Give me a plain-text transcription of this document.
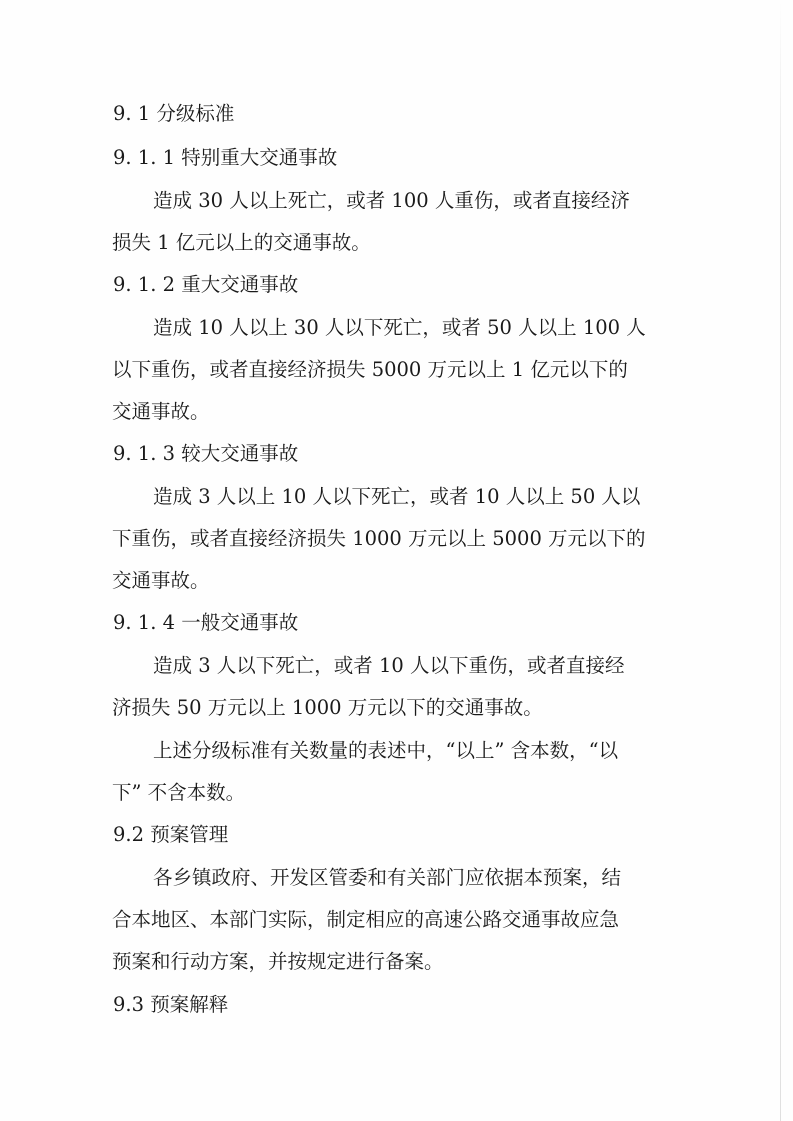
9. 1 分级标准
9. 1. 1 特别重大交通事故
造成 30 人以上死亡，或者 100 人重伤，或者直接经济
损失 1 亿元以上的交通事故。
9. 1. 2 重大交通事故
造成 10 人以上 30 人以下死亡，或者 50 人以上 100 人
以下重伤，或者直接经济损失 5000 万元以上 1 亿元以下的
交通事故。
9. 1. 3 较大交通事故
造成 3 人以上 10 人以下死亡，或者 10 人以上 50 人以
下重伤，或者直接经济损失 1000 万元以上 5000 万元以下的
交通事故。
9. 1. 4 一般交通事故
造成 3 人以下死亡，或者 10 人以下重伤，或者直接经
济损失 50 万元以上 1000 万元以下的交通事故。
上述分级标准有关数量的表述中，“以上” 含本数，“以
下” 不含本数。
9.2 预案管理
各乡镇政府、开发区管委和有关部门应依据本预案，结
合本地区、本部门实际，制定相应的高速公路交通事故应急
预案和行动方案，并按规定进行备案。
9.3 预案解释
